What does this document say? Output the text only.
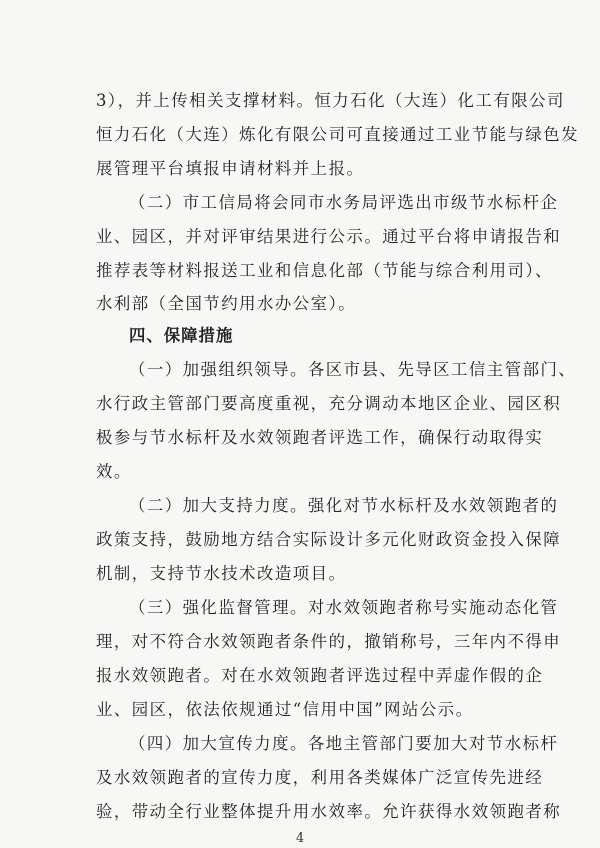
3），并上传相关支撑材料。恒力石化（大连）化工有限公司
恒力石化（大连）炼化有限公司可直接通过工业节能与绿色发
展管理平台填报申请材料并上报。
（二）市工信局将会同市水务局评选出市级节水标杆企
业、园区，并对评审结果进行公示。通过平台将申请报告和
推荐表等材料报送工业和信息化部（节能与综合利用司）、
水利部（全国节约用水办公室）。
四、保障措施
（一）加强组织领导。各区市县、先导区工信主管部门、
水行政主管部门要高度重视，充分调动本地区企业、园区积
极参与节水标杆及水效领跑者评选工作，确保行动取得实
效。
（二）加大支持力度。强化对节水标杆及水效领跑者的
政策支持，鼓励地方结合实际设计多元化财政资金投入保障
机制，支持节水技术改造项目。
（三）强化监督管理。对水效领跑者称号实施动态化管
理，对不符合水效领跑者条件的，撤销称号，三年内不得申
报水效领跑者。对在水效领跑者评选过程中弄虚作假的企
业、园区，依法依规通过“信用中国”网站公示。
（四）加大宣传力度。各地主管部门要加大对节水标杆
及水效领跑者的宣传力度，利用各类媒体广泛宣传先进经
验，带动全行业整体提升用水效率。允许获得水效领跑者称
4
